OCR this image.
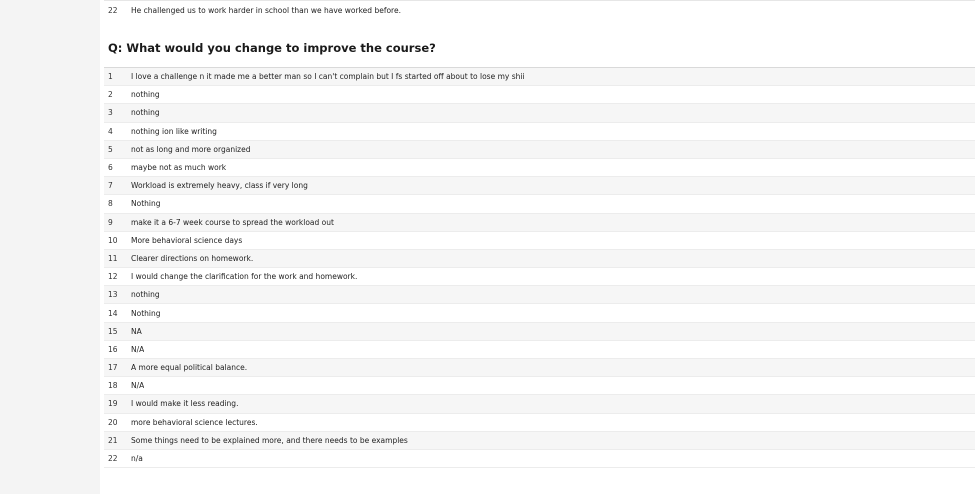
22	He challenged us to work harder in school than we have worked before.
Q: What would you change to improve the course?
1	I love a challenge n it made me a better man so I can't complain but I fs started off about to lose my shii
2	nothing
3	nothing
4	nothing ion like writing
5	not as long and more organized
6	maybe not as much work
7	Workload is extremely heavy, class if very long
8	Nothing
9	make it a 6-7 week course to spread the workload out
10	More behavioral science days
11	Clearer directions on homework.
12	I would change the clarification for the work and homework.
13	nothing
14	Nothing
15	NA
16	N/A
17	A more equal political balance.
18	N/A
19	I would make it less reading.
20	more behavioral science lectures.
21	Some things need to be explained more, and there needs to be examples
22	n/a
